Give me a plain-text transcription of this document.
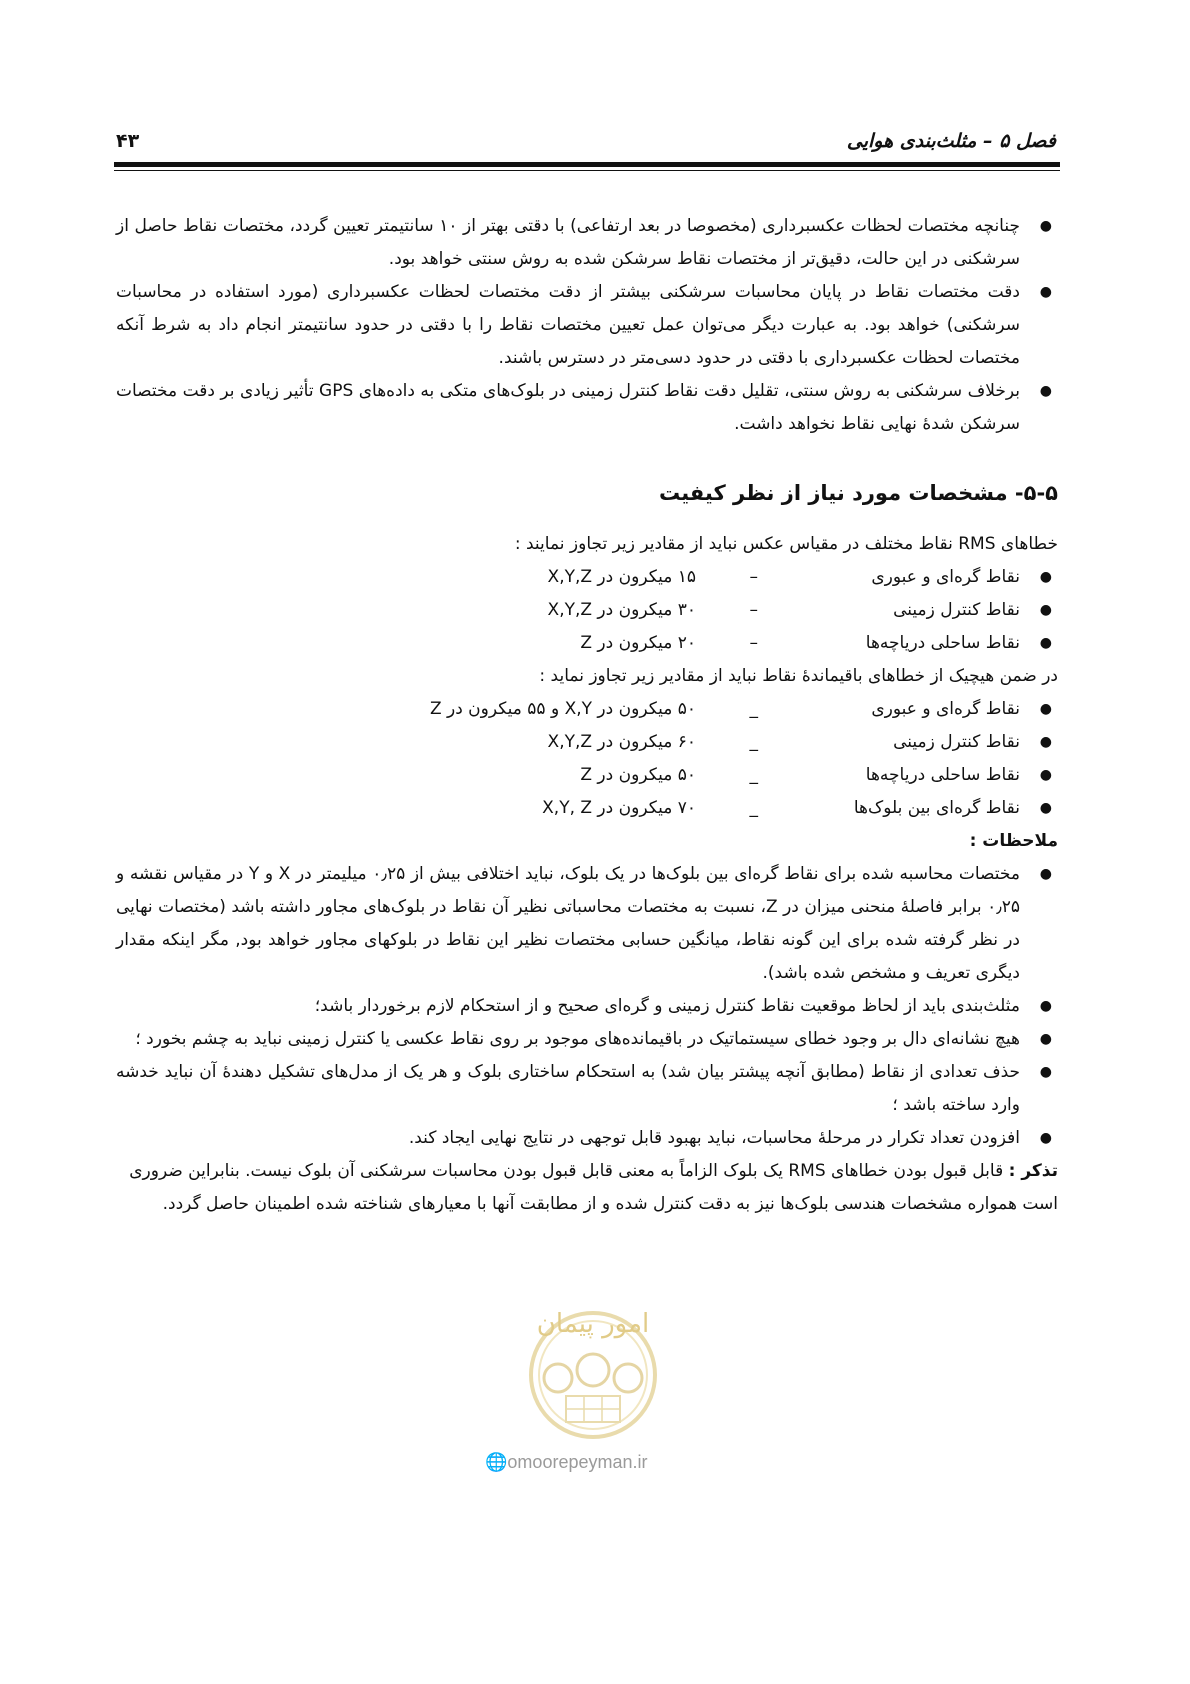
فصل ۵ – مثلث‌بندی هوایی
۴۳
●
چنانچه مختصات لحظات عکسبرداری (مخصوصا در بعد ارتفاعی) با دقتی بهتر از ۱۰ سانتیمتر تعیین گردد، مختصات نقاط حاصل از سرشکنی در این حالت، دقیق‌تر از مختصات نقاط سرشکن شده به روش سنتی خواهد بود.
●
دقت مختصات نقاط در پایان محاسبات سرشکنی بیشتر از دقت مختصات لحظات عکسبرداری (مورد استفاده در محاسبات سرشکنی) خواهد بود. به عبارت دیگر می‌توان عمل تعیین مختصات نقاط را با دقتی در حدود سانتیمتر انجام داد به شرط آنکه مختصات لحظات عکسبرداری با دقتی در حدود دسی‌متر در دسترس باشند.
●
برخلاف سرشکنی به روش سنتی، تقلیل دقت نقاط کنترل زمینی در بلوک‌های متکی به داده‌های GPS تأثیر زیادی بر دقت مختصات سرشکن شدهٔ نهایی نقاط نخواهد داشت.
۵-۵- مشخصات مورد نیاز از نظر کیفیت

خطاهای RMS نقاط مختلف در مقیاس عکس نباید از مقادیر زیر تجاوز نمایند :

●
نقاط گره‌ای و عبوری
–
۱۵ میکرون در X,Y,Z
●
نقاط کنترل زمینی
–
۳۰ میکرون در X,Y,Z
●
نقاط ساحلی دریاچه‌ها
–
۲۰ میکرون در Z

در ضمن هیچیک از خطاهای باقیماندهٔ نقاط نباید از مقادیر زیر تجاوز نماید :

●
نقاط گره‌ای و عبوری
_
۵۰ میکرون در X,Y و ۵۵ میکرون در Z
●
نقاط کنترل زمینی
_
۶۰ میکرون در X,Y,Z
●
نقاط ساحلی دریاچه‌ها
_
۵۰ میکرون در Z
●
نقاط گره‌ای بین بلوک‌ها
_
۷۰ میکرون در X,Y, Z

ملاحظات :

●
مختصات محاسبه شده برای نقاط گره‌ای بین بلوک‌ها در یک بلوک، نباید اختلافی بیش از ۰٫۲۵ میلیمتر در X و Y در مقیاس نقشه و ۰٫۲۵ برابر فاصلهٔ منحنی میزان در Z، نسبت به مختصات محاسباتی نظیر آن نقاط در بلوک‌های مجاور داشته باشد (مختصات نهایی در نظر گرفته شده برای این گونه نقاط، میانگین حسابی مختصات نظیر این نقاط در بلوکهای مجاور خواهد بود, مگر اینکه مقدار دیگری تعریف و مشخص شده باشد).
●
مثلث‌بندی باید از لحاظ موقعیت نقاط کنترل زمینی و گره‌ای صحیح و از استحکام لازم برخوردار باشد؛
●
هیچ نشانه‌ای دال بر وجود خطای سیستماتیک در باقیمانده‌های موجود بر روی نقاط عکسی یا کنترل زمینی نباید به چشم بخورد ؛
●
حذف تعدادی از نقاط (مطابق آنچه پیشتر بیان شد) به استحکام ساختاری بلوک و هر یک از مدل‌های تشکیل دهندهٔ آن نباید خدشه وارد ساخته باشد ؛
●
افزودن تعداد تکرار در مرحلهٔ محاسبات، نباید بهبود قابل توجهی در نتایج نهایی ایجاد کند.

تذکر : قابل قبول بودن خطاهای RMS یک بلوک الزاماً به معنی قابل قبول بودن محاسبات سرشکنی آن بلوک نیست. بنابراین ضروری است همواره مشخصات هندسی بلوک‌ها نیز به دقت کنترل شده و از مطابقت آنها با معیارهای شناخته شده اطمینان حاصل گردد.

امور پیمان
🌐omoorepeyman.ir
